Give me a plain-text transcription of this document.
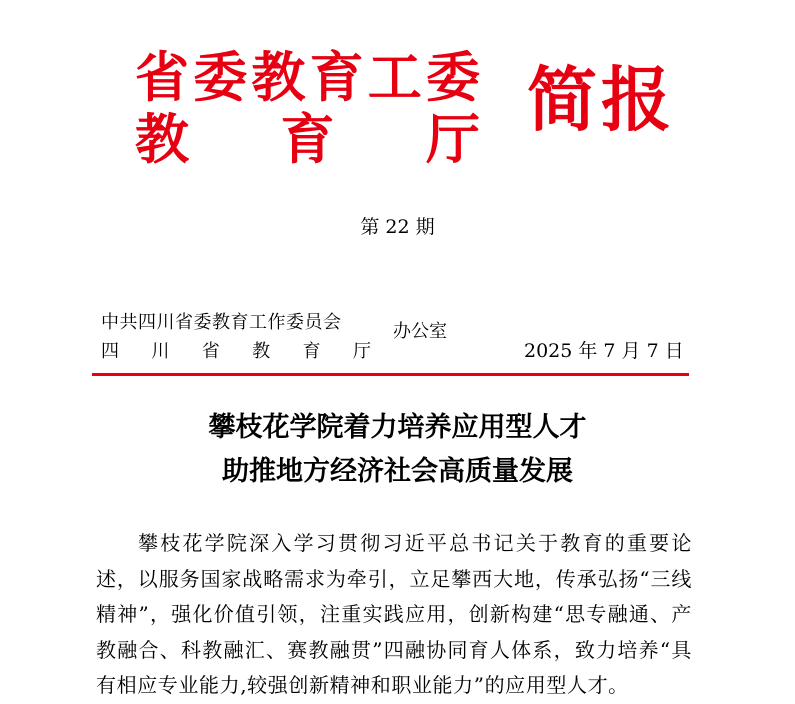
省 委 教 育 工 委
教 育 厅 简报
第 22 期
中共四川省委教育工作委员会
四 川 省 教 育 厅
办公室
2025 年 7 月 7 日
攀枝花学院着力培养应用型人才
助推地方经济社会高质量发展

攀枝花学院深入学习贯彻习近平总书记关于教育的重要论述，以服务国家战略需求为牵引，立足攀西大地，传承弘扬“三线精神”，强化价值引领，注重实践应用，创新构建“思专融通、产教融合、科教融汇、赛教融贯”四融协同育人体系，致力培养“具有相应专业能力,较强创新精神和职业能力”的应用型人才。
